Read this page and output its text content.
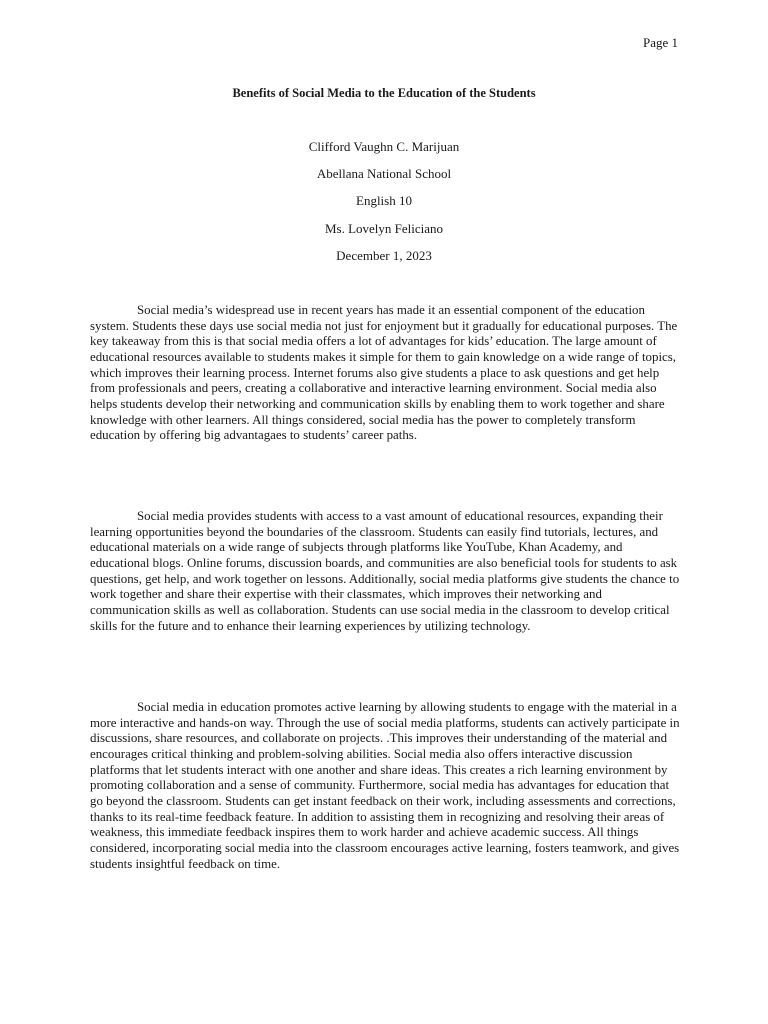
Page 1
Benefits of Social Media to the Education of the Students
Clifford Vaughn C. Marijuan
Abellana National School
English 10
Ms. Lovelyn Feliciano
December 1, 2023

Social media’s widespread use in recent years has made it an essential component of the education system. Students these days use social media not just for enjoyment but it gradually for educational purposes. The key takeaway from this is that social media offers a lot of advantages for kids’ education. The large amount of educational resources available to students makes it simple for them to gain knowledge on a wide range of topics, which improves their learning process. Internet forums also give students a place to ask questions and get help from professionals and peers, creating a collaborative and interactive learning environment. Social media also helps students develop their networking and communication skills by enabling them to work together and share knowledge with other learners. All things considered, social media has the power to completely transform education by offering big advantagaes to students’ career paths.

Social media provides students with access to a vast amount of educational resources, expanding their learning opportunities beyond the boundaries of the classroom. Students can easily find tutorials, lectures, and educational materials on a wide range of subjects through platforms like YouTube, Khan Academy, and educational blogs. Online forums, discussion boards, and communities are also beneficial tools for students to ask questions, get help, and work together on lessons. Additionally, social media platforms give students the chance to work together and share their expertise with their classmates, which improves their networking and communication skills as well as collaboration. Students can use social media in the classroom to develop critical skills for the future and to enhance their learning experiences by utilizing technology.

Social media in education promotes active learning by allowing students to engage with the material in a more interactive and hands-on way. Through the use of social media platforms, students can actively participate in discussions, share resources, and collaborate on projects. .This improves their understanding of the material and encourages critical thinking and problem-solving abilities. Social media also offers interactive discussion platforms that let students interact with one another and share ideas. This creates a rich learning environment by promoting collaboration and a sense of community. Furthermore, social media has advantages for education that go beyond the classroom. Students can get instant feedback on their work, including assessments and corrections, thanks to its real-time feedback feature. In addition to assisting them in recognizing and resolving their areas of weakness, this immediate feedback inspires them to work harder and achieve academic success. All things considered, incorporating social media into the classroom encourages active learning, fosters teamwork, and gives students insightful feedback on time.
